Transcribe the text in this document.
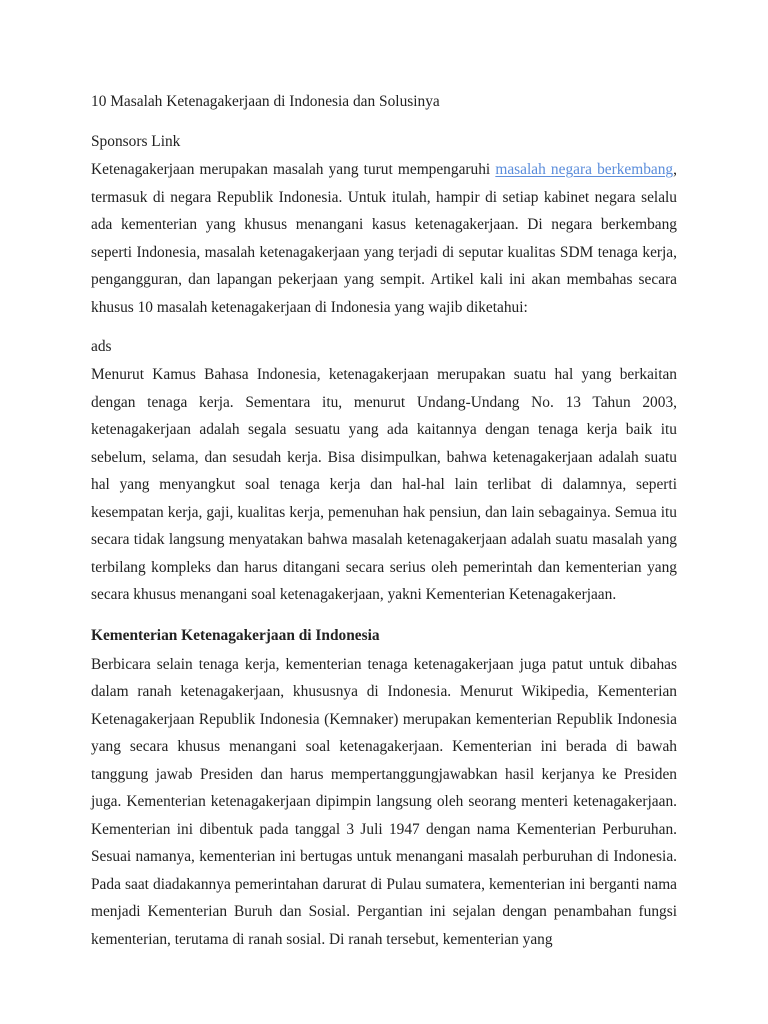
10 Masalah Ketenagakerjaan di Indonesia dan Solusinya
Sponsors Link

Ketenagakerjaan merupakan masalah yang turut mempengaruhi masalah negara berkembang, termasuk di negara Republik Indonesia. Untuk itulah, hampir di setiap kabinet negara selalu ada kementerian yang khusus menangani kasus ketenagakerjaan. Di negara berkembang seperti Indonesia, masalah ketenagakerjaan yang terjadi di seputar kualitas SDM tenaga kerja, pengangguran, dan lapangan pekerjaan yang sempit. Artikel kali ini akan membahas secara khusus 10 masalah ketenagakerjaan di Indonesia yang wajib diketahui:

ads

Menurut Kamus Bahasa Indonesia, ketenagakerjaan merupakan suatu hal yang berkaitan dengan tenaga kerja. Sementara itu, menurut Undang-Undang No. 13 Tahun 2003, ketenagakerjaan adalah segala sesuatu yang ada kaitannya dengan tenaga kerja baik itu sebelum, selama, dan sesudah kerja. Bisa disimpulkan, bahwa ketenagakerjaan adalah suatu hal yang menyangkut soal tenaga kerja dan hal-hal lain terlibat di dalamnya, seperti kesempatan kerja, gaji, kualitas kerja, pemenuhan hak pensiun, dan lain sebagainya. Semua itu secara tidak langsung menyatakan bahwa masalah ketenagakerjaan adalah suatu masalah yang terbilang kompleks dan harus ditangani secara serius oleh pemerintah dan kementerian yang secara khusus menangani soal ketenagakerjaan, yakni Kementerian Ketenagakerjaan.

Kementerian Ketenagakerjaan di Indonesia

Berbicara selain tenaga kerja, kementerian tenaga ketenagakerjaan juga patut untuk dibahas dalam ranah ketenagakerjaan, khususnya di Indonesia. Menurut Wikipedia, Kementerian Ketenagakerjaan Republik Indonesia (Kemnaker) merupakan kementerian Republik Indonesia yang secara khusus menangani soal ketenagakerjaan. Kementerian ini berada di bawah tanggung jawab Presiden dan harus mempertanggungjawabkan hasil kerjanya ke Presiden juga. Kementerian ketenagakerjaan dipimpin langsung oleh seorang menteri ketenagakerjaan. Kementerian ini dibentuk pada tanggal 3 Juli 1947 dengan nama Kementerian Perburuhan. Sesuai namanya, kementerian ini bertugas untuk menangani masalah perburuhan di Indonesia. Pada saat diadakannya pemerintahan darurat di Pulau sumatera, kementerian ini berganti nama menjadi Kementerian Buruh dan Sosial. Pergantian ini sejalan dengan penambahan fungsi kementerian, terutama di ranah sosial. Di ranah tersebut, kementerian yang
